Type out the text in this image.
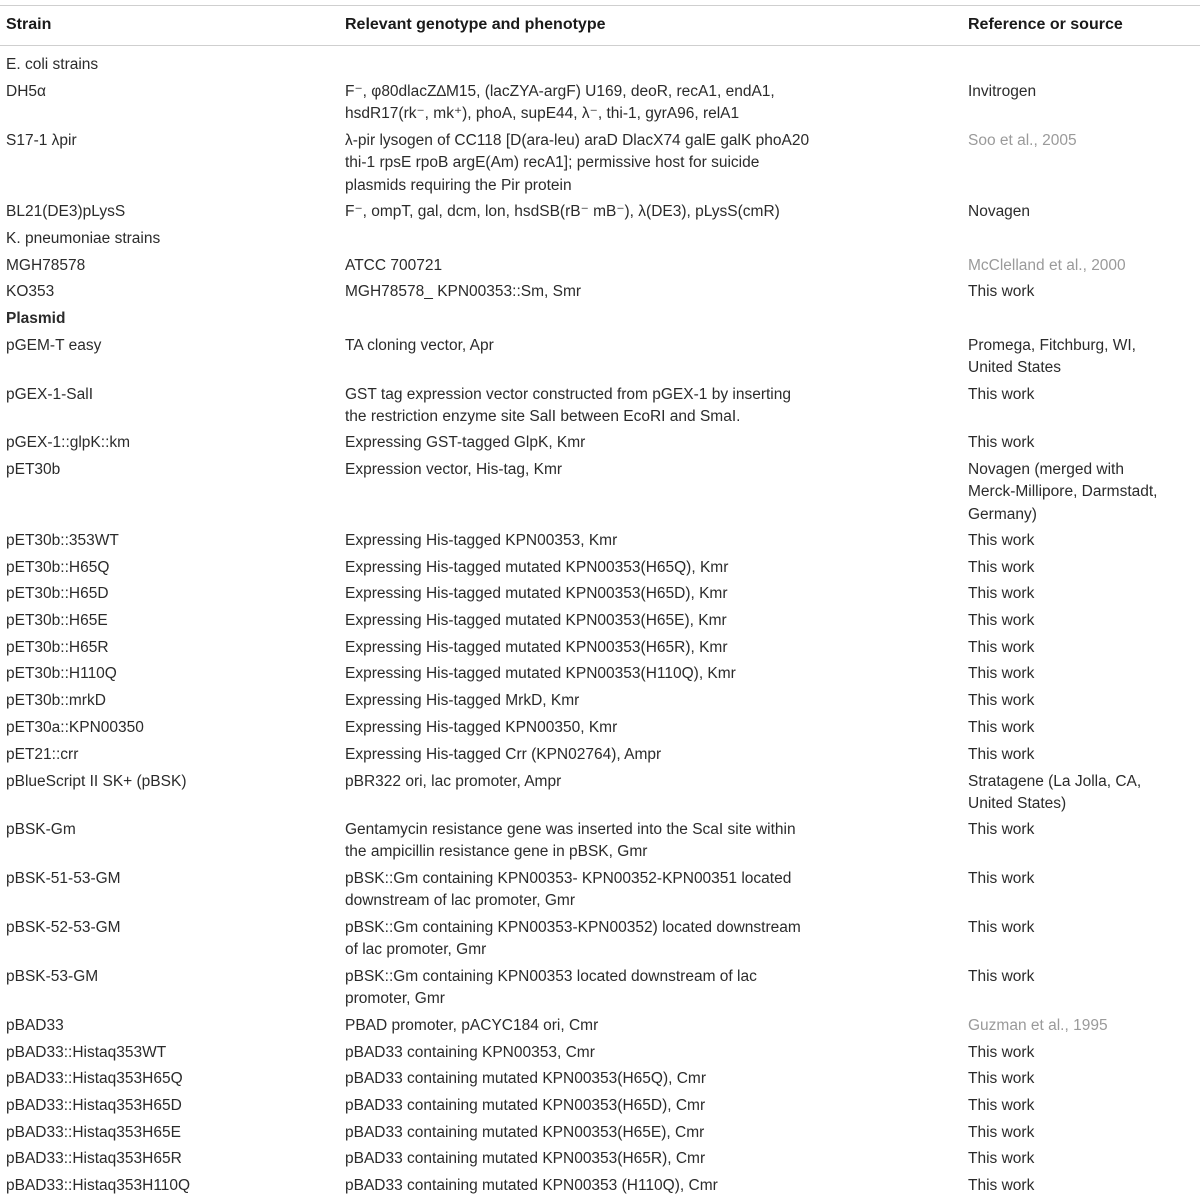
Strain	Relevant genotype and phenotype	Reference or source
E. coli strains
DH5α	F⁻, φ80dlacZ∆M15, (lacZYA-argF) U169, deoR, recA1, endA1,
hsdR17(rk⁻, mk⁺), phoA, supE44, λ⁻, thi-1, gyrA96, relA1
Invitrogen
S17-1 λpir	λ-pir lysogen of CC118 [D(ara-leu) araD DlacX74 galE galK phoA20
thi-1 rpsE rpoB argE(Am) recA1]; permissive host for suicide
plasmids requiring the Pir protein
Soo et al., 2005
BL21(DE3)pLysS	F⁻, ompT, gal, dcm, lon, hsdSB(rB⁻ mB⁻), λ(DE3), pLysS(cmR)	Novagen
K. pneumoniae strains
MGH78578	ATCC 700721	McClelland et al., 2000
KO353	MGH78578_ KPN00353::Sm, Smr	This work
Plasmid
pGEM-T easy	TA cloning vector, Apr	Promega, Fitchburg, WI,
United States
pGEX-1-SalI	GST tag expression vector constructed from pGEX-1 by inserting
the restriction enzyme site SalI between EcoRI and SmaI.
This work
pGEX-1::glpK::km	Expressing GST-tagged GlpK, Kmr	This work
pET30b	Expression vector, His-tag, Kmr	Novagen (merged with
Merck-Millipore, Darmstadt,
Germany)
pET30b::353WT	Expressing His-tagged KPN00353, Kmr	This work
pET30b::H65Q	Expressing His-tagged mutated KPN00353(H65Q), Kmr	This work
pET30b::H65D	Expressing His-tagged mutated KPN00353(H65D), Kmr	This work
pET30b::H65E	Expressing His-tagged mutated KPN00353(H65E), Kmr	This work
pET30b::H65R	Expressing His-tagged mutated KPN00353(H65R), Kmr	This work
pET30b::H110Q	Expressing His-tagged mutated KPN00353(H110Q), Kmr	This work
pET30b::mrkD	Expressing His-tagged MrkD, Kmr	This work
pET30a::KPN00350	Expressing His-tagged KPN00350, Kmr	This work
pET21::crr	Expressing His-tagged Crr (KPN02764), Ampr	This work
pBlueScript II SK+ (pBSK)	pBR322 ori, lac promoter, Ampr	Stratagene (La Jolla, CA,
United States)
pBSK-Gm	Gentamycin resistance gene was inserted into the ScaI site within
the ampicillin resistance gene in pBSK, Gmr
This work
pBSK-51-53-GM	pBSK::Gm containing KPN00353- KPN00352-KPN00351 located
downstream of lac promoter, Gmr
This work
pBSK-52-53-GM	pBSK::Gm containing KPN00353-KPN00352) located downstream
of lac promoter, Gmr
This work
pBSK-53-GM	pBSK::Gm containing KPN00353 located downstream of lac
promoter, Gmr
This work
pBAD33	PBAD promoter, pACYC184 ori, Cmr	Guzman et al., 1995
pBAD33::Histaq353WT	pBAD33 containing KPN00353, Cmr	This work
pBAD33::Histaq353H65Q	pBAD33 containing mutated KPN00353(H65Q), Cmr	This work
pBAD33::Histaq353H65D	pBAD33 containing mutated KPN00353(H65D), Cmr	This work
pBAD33::Histaq353H65E	pBAD33 containing mutated KPN00353(H65E), Cmr	This work
pBAD33::Histaq353H65R	pBAD33 containing mutated KPN00353(H65R), Cmr	This work
pBAD33::Histaq353H110Q	pBAD33 containing mutated KPN00353 (H110Q), Cmr	This work
